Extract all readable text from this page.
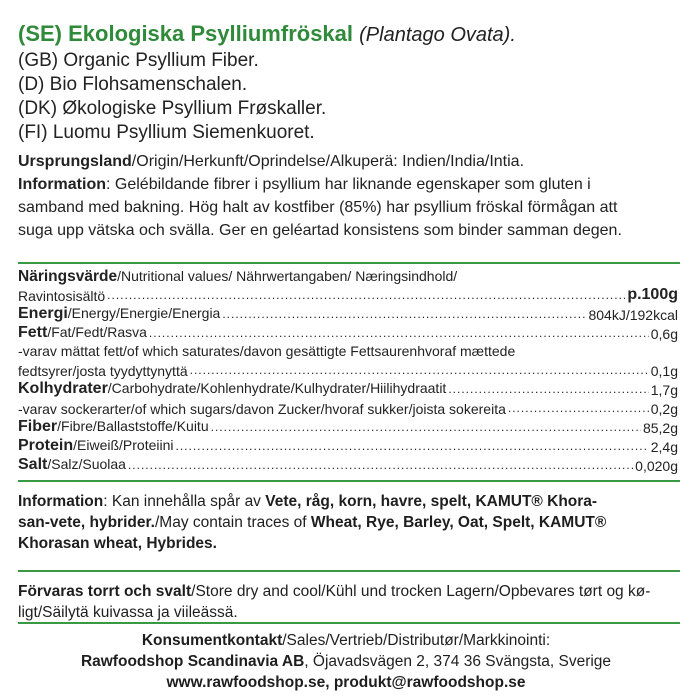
(SE) Ekologiska Psylliumfröskal (Plantago Ovata).
(GB) Organic Psyllium Fiber.
(D) Bio Flohsamenschalen.
(DK) Økologiske Psyllium Frøskaller.
(FI) Luomu Psyllium Siemenkuoret.
Ursprungsland/Origin/Herkunft/Oprindelse/Alkuperä: Indien/India/Intia.
Information: Gelébildande fibrer i psyllium har liknande egenskaper som gluten i
samband med bakning. Hög halt av kostfiber (85%) har psyllium fröskal förmågan att
suga upp vätska och svälla. Ger en geléartad konsistens som binder samman degen.
Näringsvärde/Nutritional values/ Nährwertangaben/ Næringsindhold/
Ravintosisältö .....	p.100g
Energi/Energy/Energie/Energia .....	804kJ/192kcal
Fett/Fat/Fedt/Rasva .....	0,6g
-varav mättat fett/of which saturates/davon gesättigte Fettsaurenhvoraf mættede
fedtsyrer/josta tyydyttynyttä .....	0,1g
Kolhydrater/Carbohydrate/Kohlenhydrate/Kulhydrater/Hiilihydraatit .....	1,7g
-varav sockerarter/of which sugars/davon Zucker/hvoraf sukker/joista sokereita .....	0,2g
Fiber/Fibre/Ballaststoffe/Kuitu .....	85,2g
Protein/Eiweiß/Proteiini .....	2,4g
Salt/Salz/Suolaa .....	0,020g
Information: Kan innehålla spår av Vete, råg, korn, havre, spelt, KAMUT® Khora-
san-vete, hybrider./May contain traces of Wheat, Rye, Barley, Oat, Spelt, KAMUT®
Khorasan wheat, Hybrides.
Förvaras torrt och svalt/Store dry and cool/Kühl und trocken Lagern/Opbevares tørt og kø-
ligt/Säilytä kuivassa ja viileässä.
Konsumentkontakt/Sales/Vertrieb/Distributør/Markkinointi:
Rawfoodshop Scandinavia AB, Öjavadsvägen 2, 374 36 Svängsta, Sverige
www.rawfoodshop.se, produkt@rawfoodshop.se
